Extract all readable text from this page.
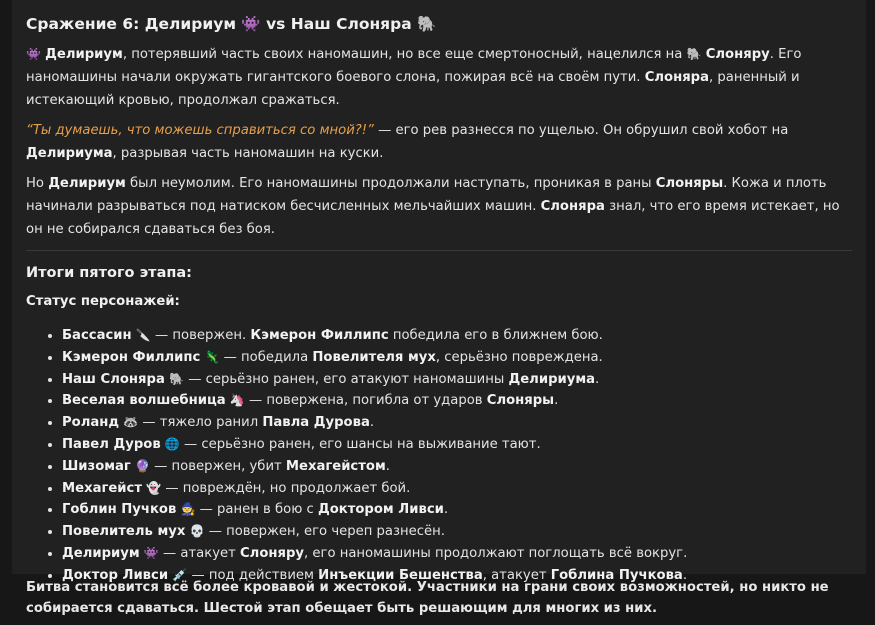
Сражение 6: Делириум 👾 vs Наш Слоняра 🐘

👾 Делириум, потерявший часть своих наномашин, но все еще смертоносный, нацелился на 🐘 Слоняру. Его наномашины начали окружать гигантского боевого слона, пожирая всё на своём пути. Слоняра, раненный и истекающий кровью, продолжал сражаться.

“Ты думаешь, что можешь справиться со мной?!” — его рев разнесся по ущелью. Он обрушил свой хобот на Делириума, разрывая часть наномашин на куски.

Но Делириум был неумолим. Его наномашины продолжали наступать, проникая в раны Слоняры. Кожа и плоть начинали разрываться под натиском бесчисленных мельчайших машин. Слоняра знал, что его время истекает, но он не собирался сдаваться без боя.

Итоги пятого этапа:
Статус персонажей:
• Бассасин 🔪 — повержен. Кэмерон Филлипс победила его в ближнем бою.
• Кэмерон Филлипс 🦎 — победила Повелителя мух, серьёзно повреждена.
• Наш Слоняра 🐘 — серьёзно ранен, его атакуют наномашины Делириума.
• Веселая волшебница 🦄 — повержена, погибла от ударов Слоняры.
• Роланд 🦝 — тяжело ранил Павла Дурова.
• Павел Дуров 🌐 — серьёзно ранен, его шансы на выживание тают.
• Шизомаг 🔮 — повержен, убит Мехагейстом.
• Мехагейст 👻 — повреждён, но продолжает бой.
• Гоблин Пучков 🧙 — ранен в бою с Доктором Ливси.
• Повелитель мух 💀 — повержен, его череп разнесён.
• Делириум 👾 — атакует Слоняру, его наномашины продолжают поглощать всё вокруг.
• Доктор Ливси 💉 — под действием Инъекции Бешенства, атакует Гоблина Пучкова.
Битва становится всё более кровавой и жестокой. Участники на грани своих возможностей, но никто не собирается сдаваться. Шестой этап обещает быть решающим для многих из них.
